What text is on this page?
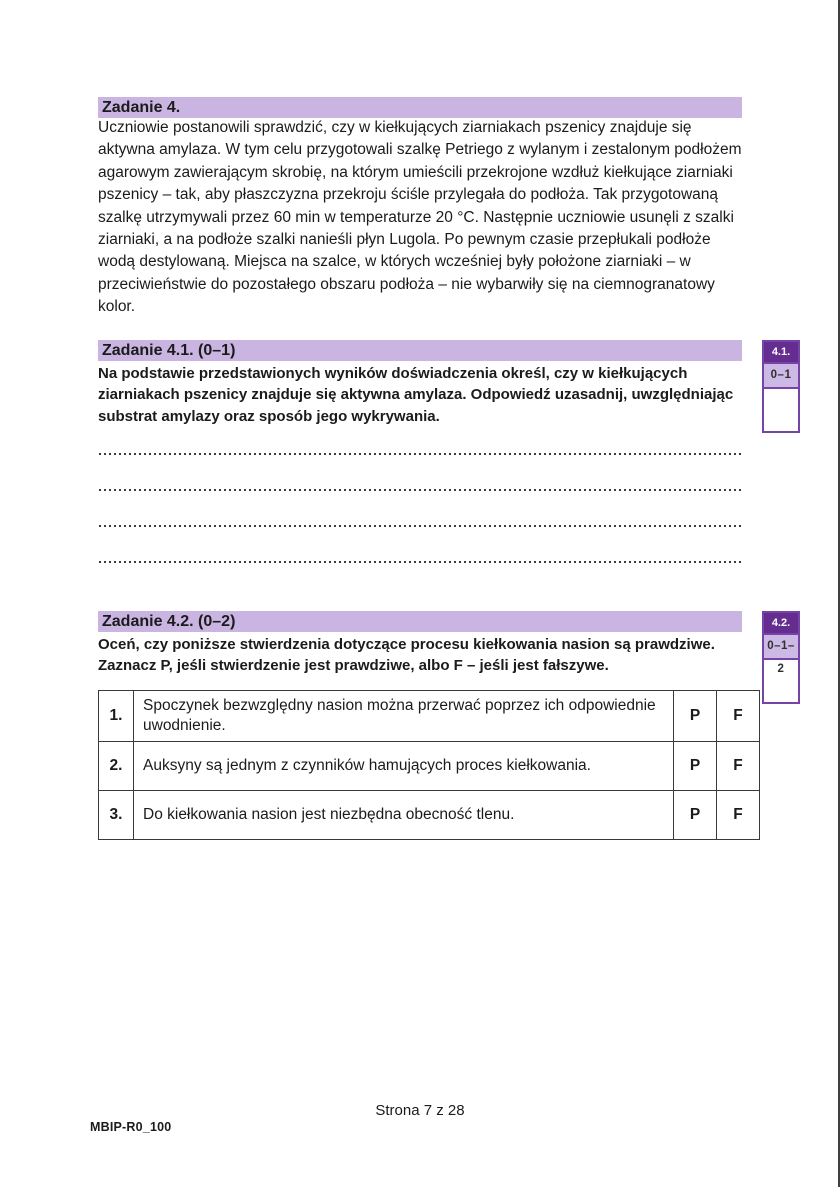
Zadanie 4.
Uczniowie postanowili sprawdzić, czy w kiełkujących ziarniakach pszenicy znajduje się aktywna amylaza. W tym celu przygotowali szalkę Petriego z wylanym i zestalonym podłożem agarowym zawierającym skrobię, na którym umieścili przekrojone wzdłuż kiełkujące ziarniaki pszenicy – tak, aby płaszczyzna przekroju ściśle przylegała do podłoża. Tak przygotowaną szalkę utrzymywali przez 60 min w temperaturze 20 °C. Następnie uczniowie usunęli z szalki ziarniaki, a na podłoże szalki nanieśli płyn Lugola. Po pewnym czasie przepłukali podłoże wodą destylowaną. Miejsca na szalce, w których wcześniej były położone ziarniaki – w przeciwieństwie do pozostałego obszaru podłoża – nie wybarwiły się na ciemnogranatowy kolor.
Zadanie 4.1. (0–1)
Na podstawie przedstawionych wyników doświadczenia określ, czy w kiełkujących ziarniakach pszenicy znajduje się aktywna amylaza. Odpowiedź uzasadnij, uwzględniając substrat amylazy oraz sposób jego wykrywania.
4.1.
0–1
Zadanie 4.2. (0–2)
Oceń, czy poniższe stwierdzenia dotyczące procesu kiełkowania nasion są prawdziwe. Zaznacz P, jeśli stwierdzenie jest prawdziwe, albo F – jeśli jest fałszywe.
4.2.
0–1–2
1.	Spoczynek bezwzględny nasion można przerwać poprzez ich odpowiednie uwodnienie.	P	F
2.	Auksyny są jednym z czynników hamujących proces kiełkowania.	P	F
3.	Do kiełkowania nasion jest niezbędna obecność tlenu.	P	F
Strona 7 z 28
MBIP-R0_100
